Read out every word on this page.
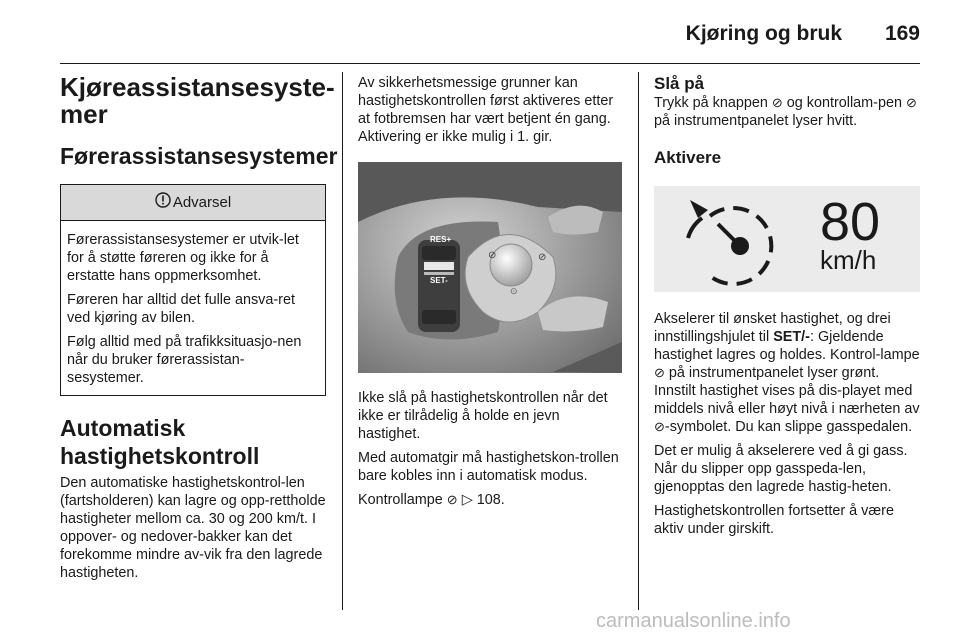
Kjøring og bruk 169
Kjøreassistansesyste-
mer
Førerassistansesystemer
Advarsel

Førerassistansesystemer er utvik-let for å støtte føreren og ikke for å erstatte hans oppmerksomhet.

Føreren har alltid det fulle ansva-ret ved kjøring av bilen.

Følg alltid med på trafikksituasjo-nen når du bruker førerassistan-sesystemer.

Automatisk
hastighetskontroll

Den automatiske hastighetskontrol-len (fartsholderen) kan lagre og opp-rettholde hastigheter mellom ca. 30 og 200 km/t. I oppover- og nedover-bakker kan det forekomme mindre av-vik fra den lagrede hastigheten.

Av sikkerhetsmessige grunner kan hastighetskontrollen først aktiveres etter at fotbremsen har vært betjent én gang. Aktivering er ikke mulig i 1. gir.

RES+
SET-
⊘	⊘
⊙

Ikke slå på hastighetskontrollen når det ikke er tilrådelig å holde en jevn hastighet.

Med automatgir må hastighetskon-trollen bare kobles inn i automatisk modus.

Kontrollampe ⊘ ▷ 108.

Slå på

Trykk på knappen ⊘ og kontrollam-pen ⊘ på instrumentpanelet lyser hvitt.

Aktivere
80
km/h

Akselerer til ønsket hastighet, og drei innstillingshjulet til SET/-: Gjeldende hastighet lagres og holdes. Kontrol-lampe ⊘ på instrumentpanelet lyser grønt. Innstilt hastighet vises på dis-playet med middels nivå eller høyt nivå i nærheten av ⊘-symbolet. Du kan slippe gasspedalen.

Det er mulig å akselerere ved å gi gass. Når du slipper opp gasspeda-len, gjenopptas den lagrede hastig-heten.

Hastighetskontrollen fortsetter å være aktiv under girskift.

carmanualsonline.info
